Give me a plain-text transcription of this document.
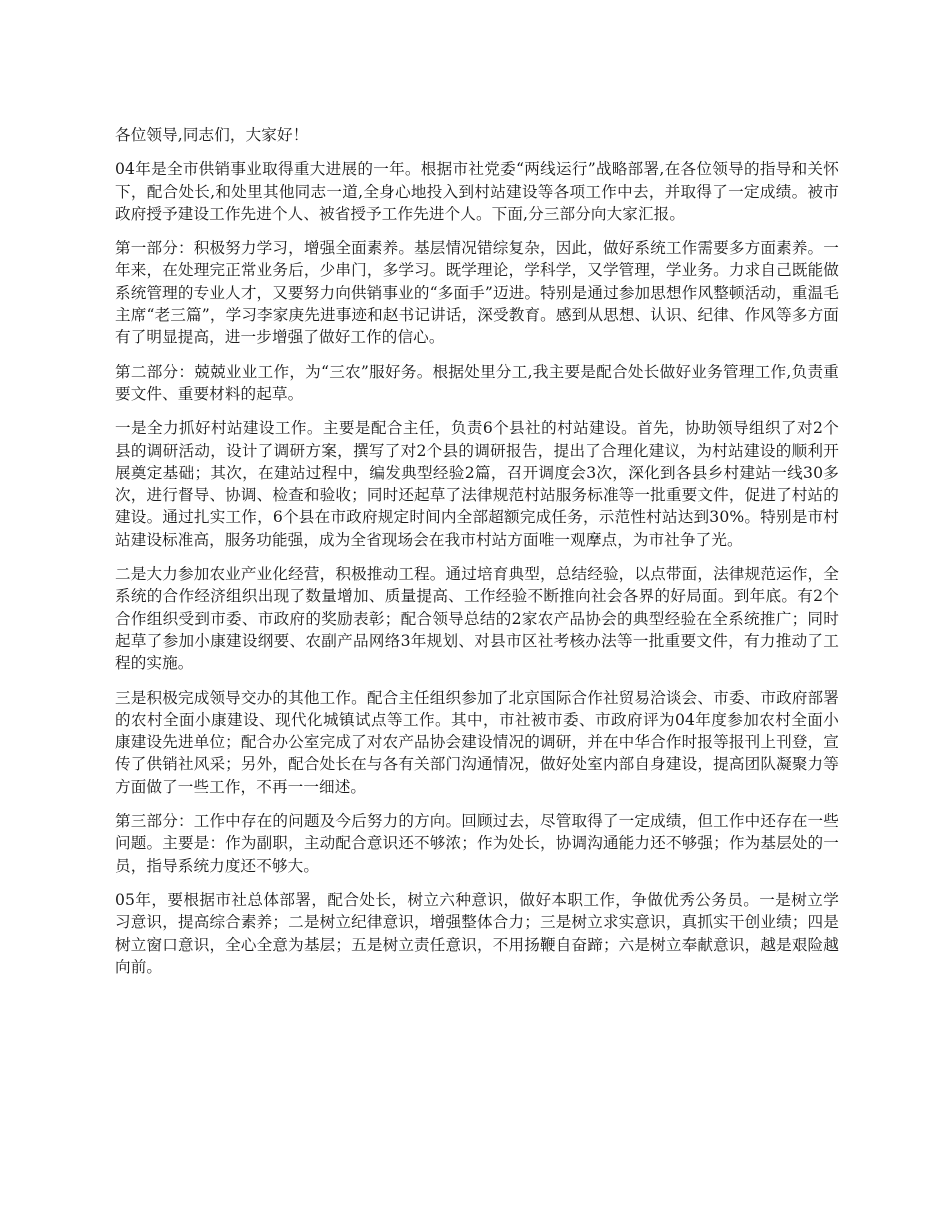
各位领导,同志们，大家好！

04年是全市供销事业取得重大进展的一年。根据市社党委“两线运行”战略部署,在各位领导的指导和关怀下，配合处长,和处里其他同志一道,全身心地投入到村站建设等各项工作中去，并取得了一定成绩。被市政府授予建设工作先进个人、被省授予工作先进个人。下面,分三部分向大家汇报。

第一部分：积极努力学习，增强全面素养。基层情况错综复杂，因此，做好系统工作需要多方面素养。一年来，在处理完正常业务后，少串门，多学习。既学理论，学科学，又学管理，学业务。力求自己既能做系统管理的专业人才，又要努力向供销事业的“多面手”迈进。特别是通过参加思想作风整顿活动，重温毛主席“老三篇”，学习李家庚先进事迹和赵书记讲话，深受教育。感到从思想、认识、纪律、作风等多方面有了明显提高，进一步增强了做好工作的信心。

第二部分：兢兢业业工作，为“三农”服好务。根据处里分工,我主要是配合处长做好业务管理工作,负责重要文件、重要材料的起草。

一是全力抓好村站建设工作。主要是配合主任，负责6个县社的村站建设。首先，协助领导组织了对2个县的调研活动，设计了调研方案，撰写了对2个县的调研报告，提出了合理化建议，为村站建设的顺利开展奠定基础；其次，在建站过程中，编发典型经验2篇，召开调度会3次，深化到各县乡村建站一线30多次，进行督导、协调、检查和验收；同时还起草了法律规范村站服务标准等一批重要文件，促进了村站的建设。通过扎实工作，6个县在市政府规定时间内全部超额完成任务，示范性村站达到30%。特别是市村站建设标准高，服务功能强，成为全省现场会在我市村站方面唯一观摩点，为市社争了光。

二是大力参加农业产业化经营，积极推动工程。通过培育典型，总结经验，以点带面，法律规范运作，全系统的合作经济组织出现了数量增加、质量提高、工作经验不断推向社会各界的好局面。到年底。有2个合作组织受到市委、市政府的奖励表彰；配合领导总结的2家农产品协会的典型经验在全系统推广；同时起草了参加小康建设纲要、农副产品网络3年规划、对县市区社考核办法等一批重要文件，有力推动了工程的实施。

三是积极完成领导交办的其他工作。配合主任组织参加了北京国际合作社贸易洽谈会、市委、市政府部署的农村全面小康建设、现代化城镇试点等工作。其中，市社被市委、市政府评为04年度参加农村全面小康建设先进单位；配合办公室完成了对农产品协会建设情况的调研，并在中华合作时报等报刊上刊登，宣传了供销社风采；另外，配合处长在与各有关部门沟通情况，做好处室内部自身建设，提高团队凝聚力等方面做了一些工作，不再一一细述。

第三部分：工作中存在的问题及今后努力的方向。回顾过去，尽管取得了一定成绩，但工作中还存在一些问题。主要是：作为副职，主动配合意识还不够浓；作为处长，协调沟通能力还不够强；作为基层处的一员，指导系统力度还不够大。

05年，要根据市社总体部署，配合处长，树立六种意识，做好本职工作，争做优秀公务员。一是树立学习意识，提高综合素养；二是树立纪律意识，增强整体合力；三是树立求实意识，真抓实干创业绩；四是树立窗口意识，全心全意为基层；五是树立责任意识，不用扬鞭自奋蹄；六是树立奉献意识，越是艰险越向前。
